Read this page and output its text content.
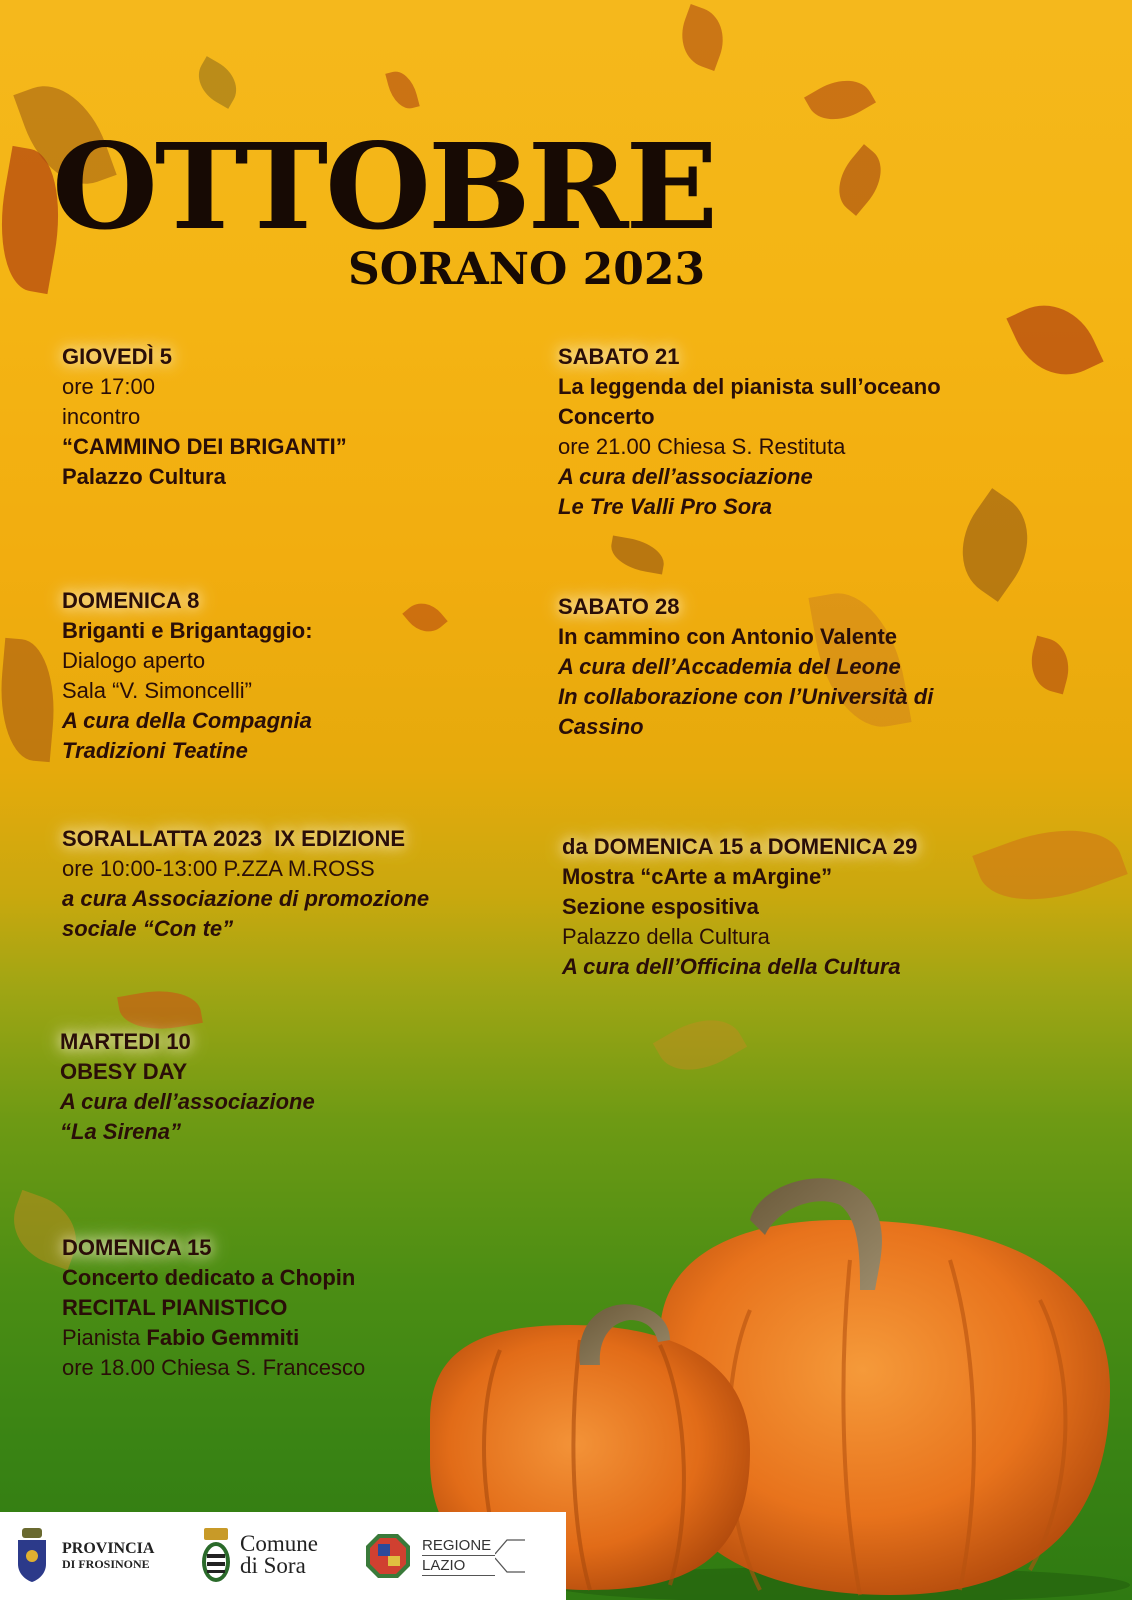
OTTOBRE
SORANO 2023
GIOVEDÌ 5
ore 17:00
incontro
“CAMMINO DEI BRIGANTI”
Palazzo Cultura
DOMENICA 8
Briganti e Brigantaggio:
Dialogo aperto
Sala “V. Simoncelli”
A cura della Compagnia
Tradizioni Teatine
SORALLATTA 2023  IX EDIZIONE
ore 10:00-13:00 P.ZZA M.ROSS
a cura Associazione di promozione
sociale “Con te”
MARTEDI 10
OBESY DAY
A cura dell’associazione
“La Sirena”
DOMENICA 15
Concerto dedicato a Chopin
RECITAL PIANISTICO
Pianista Fabio Gemmiti
ore 18.00 Chiesa S. Francesco
SABATO 21
La leggenda del pianista sull’oceano
Concerto
ore 21.00 Chiesa S. Restituta
A cura dell’associazione
Le Tre Valli Pro Sora
SABATO 28
In cammino con Antonio Valente
A cura dell’Accademia del Leone
In collaborazione con l’Università di
Cassino
da DOMENICA 15 a DOMENICA 29
Mostra “cArte a mArgine”
Sezione espositiva
Palazzo della Cultura
A cura dell’Officina della Cultura
PROVINCIA
DI FROSINONE
Comune
di Sora
REGIONE
LAZIO
